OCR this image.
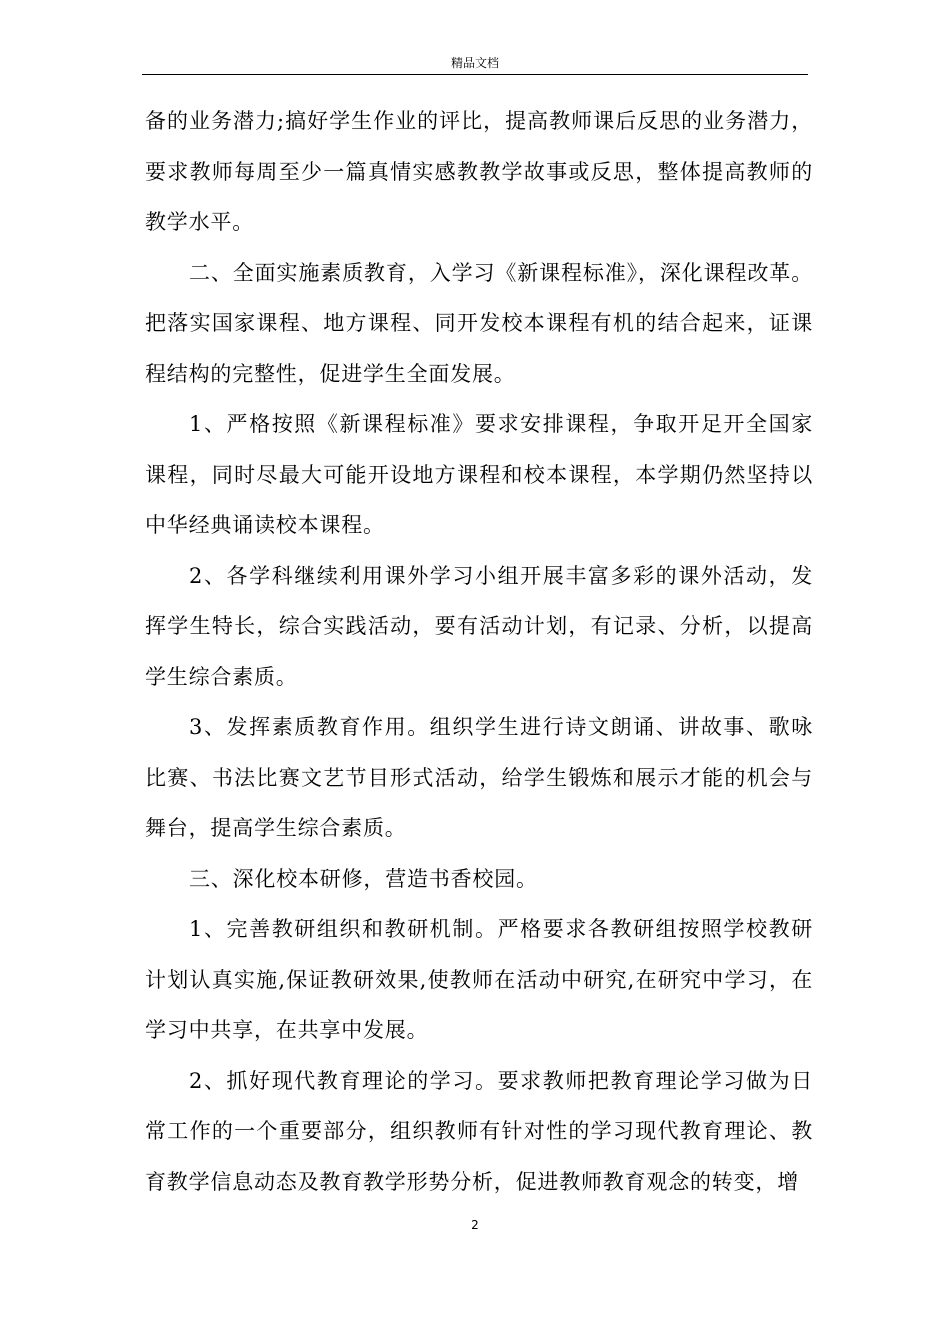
精品文档

备的业务潜力;搞好学生作业的评比，提高教师课后反思的业务潜力，要求教师每周至少一篇真情实感教教学故事或反思，整体提高教师的教学水平。

二、全面实施素质教育，入学习《新课程标准》，深化课程改革。把落实国家课程、地方课程、同开发校本课程有机的结合起来，证课程结构的完整性，促进学生全面发展。

1、严格按照《新课程标准》要求安排课程，争取开足开全国家课程，同时尽最大可能开设地方课程和校本课程，本学期仍然坚持以中华经典诵读校本课程。

2、各学科继续利用课外学习小组开展丰富多彩的课外活动，发挥学生特长，综合实践活动，要有活动计划，有记录、分析，以提高学生综合素质。

3、发挥素质教育作用。组织学生进行诗文朗诵、讲故事、歌咏比赛、书法比赛文艺节目形式活动，给学生锻炼和展示才能的机会与舞台，提高学生综合素质。

三、深化校本研修，营造书香校园。

1、完善教研组织和教研机制。严格要求各教研组按照学校教研计划认真实施,保证教研效果,使教师在活动中研究,在研究中学习，在学习中共享，在共享中发展。

2、抓好现代教育理论的学习。要求教师把教育理论学习做为日常工作的一个重要部分，组织教师有针对性的学习现代教育理论、教育教学信息动态及教育教学形势分析，促进教师教育观念的转变，增

2
